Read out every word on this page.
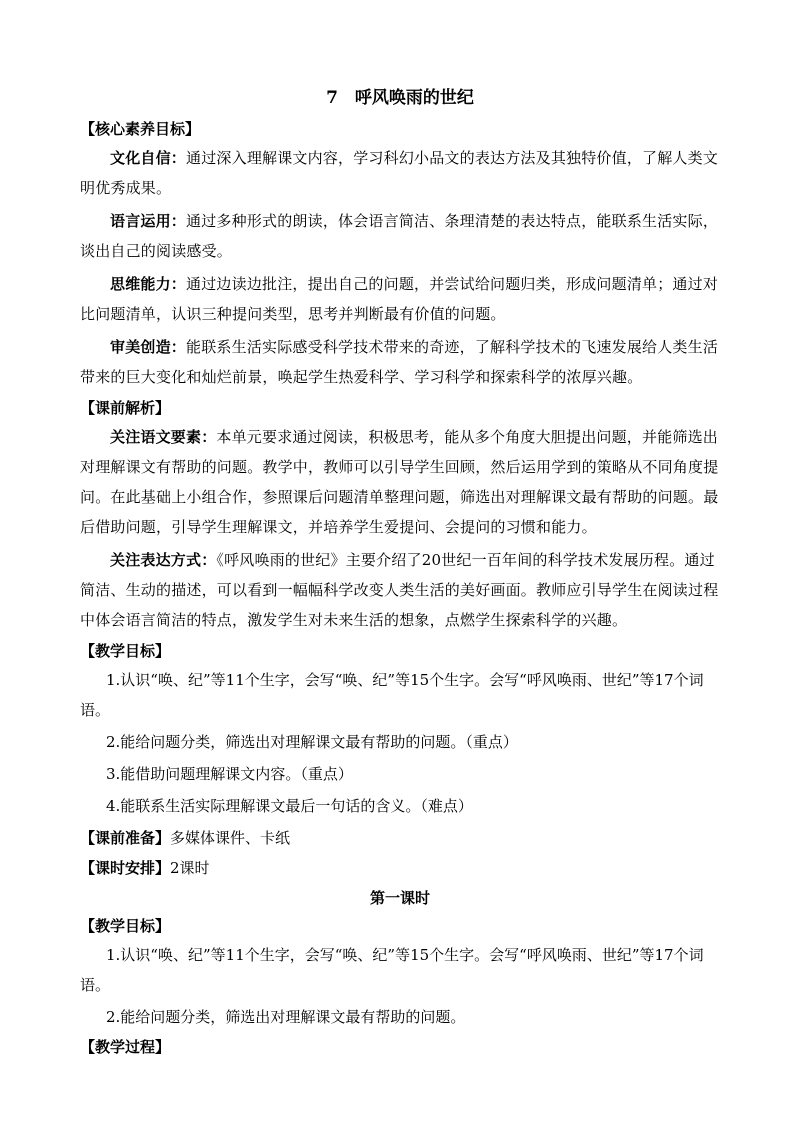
7　呼风唤雨的世纪
【核心素养目标】

文化自信：通过深入理解课文内容，学习科幻小品文的表达方法及其独特价值，了解人类文明优秀成果。

语言运用：通过多种形式的朗读，体会语言简洁、条理清楚的表达特点，能联系生活实际，谈出自己的阅读感受。

思维能力：通过边读边批注，提出自己的问题，并尝试给问题归类，形成问题清单；通过对比问题清单，认识三种提问类型，思考并判断最有价值的问题。

审美创造：能联系生活实际感受科学技术带来的奇迹，了解科学技术的飞速发展给人类生活带来的巨大变化和灿烂前景，唤起学生热爱科学、学习科学和探索科学的浓厚兴趣。

【课前解析】

关注语文要素：本单元要求通过阅读，积极思考，能从多个角度大胆提出问题，并能筛选出对理解课文有帮助的问题。教学中，教师可以引导学生回顾，然后运用学到的策略从不同角度提问。在此基础上小组合作，参照课后问题清单整理问题，筛选出对理解课文最有帮助的问题。最后借助问题，引导学生理解课文，并培养学生爱提问、会提问的习惯和能力。

关注表达方式：《呼风唤雨的世纪》主要介绍了20世纪一百年间的科学技术发展历程。通过简洁、生动的描述，可以看到一幅幅科学改变人类生活的美好画面。教师应引导学生在阅读过程中体会语言简洁的特点，激发学生对未来生活的想象，点燃学生探索科学的兴趣。

【教学目标】

1.认识“唤、纪”等11个生字，会写“唤、纪”等15个生字。会写“呼风唤雨、世纪”等17个词语。

2.能给问题分类，筛选出对理解课文最有帮助的问题。（重点）

3.能借助问题理解课文内容。（重点）

4.能联系生活实际理解课文最后一句话的含义。（难点）

【课前准备】多媒体课件、卡纸

【课时安排】2课时

第一课时
【教学目标】

1.认识“唤、纪”等11个生字，会写“唤、纪”等15个生字。会写“呼风唤雨、世纪”等17个词语。

2.能给问题分类，筛选出对理解课文最有帮助的问题。

【教学过程】
